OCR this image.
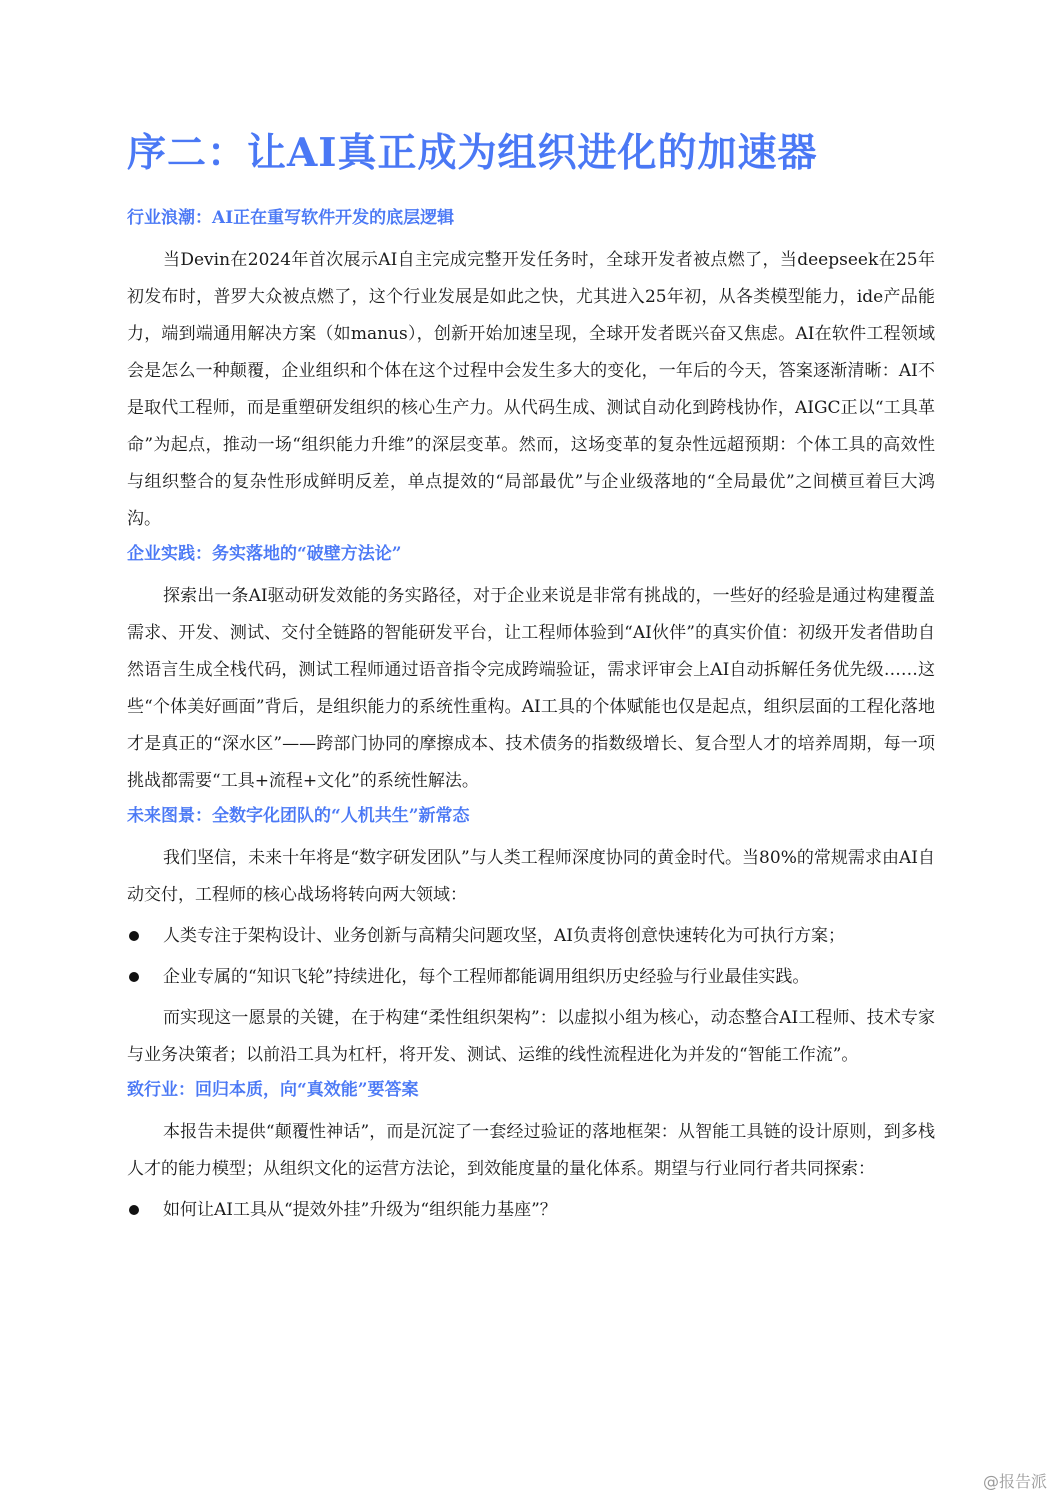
序二：让AI真正成为组织进化的加速器
行业浪潮：AI正在重写软件开发的底层逻辑

当Devin在2024年首次展示AI自主完成完整开发任务时，全球开发者被点燃了，当deepseek在25年初发布时，普罗大众被点燃了，这个行业发展是如此之快，尤其进入25年初，从各类模型能力，ide产品能力，端到端通用解决方案（如manus），创新开始加速呈现，全球开发者既兴奋又焦虑。AI在软件工程领域会是怎么一种颠覆，企业组织和个体在这个过程中会发生多大的变化，一年后的今天，答案逐渐清晰：AI不是取代工程师，而是重塑研发组织的核心生产力。从代码生成、测试自动化到跨栈协作，AIGC正以“工具革命”为起点，推动一场“组织能力升维”的深层变革。然而，这场变革的复杂性远超预期：个体工具的高效性与组织整合的复杂性形成鲜明反差，单点提效的“局部最优”与企业级落地的“全局最优”之间横亘着巨大鸿沟。

企业实践：务实落地的“破壁方法论”

探索出一条AI驱动研发效能的务实路径，对于企业来说是非常有挑战的，一些好的经验是通过构建覆盖需求、开发、测试、交付全链路的智能研发平台，让工程师体验到“AI伙伴”的真实价值：初级开发者借助自然语言生成全栈代码，测试工程师通过语音指令完成跨端验证，需求评审会上AI自动拆解任务优先级……这些“个体美好画面”背后，是组织能力的系统性重构。AI工具的个体赋能也仅是起点，组织层面的工程化落地才是真正的“深水区”——跨部门协同的摩擦成本、技术债务的指数级增长、复合型人才的培养周期，每一项挑战都需要“工具+流程+文化”的系统性解法。

未来图景：全数字化团队的“人机共生”新常态

我们坚信，未来十年将是“数字研发团队”与人类工程师深度协同的黄金时代。当80%的常规需求由AI自动交付，工程师的核心战场将转向两大领域：

人类专注于架构设计、业务创新与高精尖问题攻坚，AI负责将创意快速转化为可执行方案；
企业专属的“知识飞轮”持续进化，每个工程师都能调用组织历史经验与行业最佳实践。

而实现这一愿景的关键，在于构建“柔性组织架构”：以虚拟小组为核心，动态整合AI工程师、技术专家与业务决策者；以前沿工具为杠杆，将开发、测试、运维的线性流程进化为并发的“智能工作流”。

致行业：回归本质，向“真效能”要答案

本报告未提供“颠覆性神话”，而是沉淀了一套经过验证的落地框架：从智能工具链的设计原则，到多栈人才的能力模型；从组织文化的运营方法论，到效能度量的量化体系。期望与行业同行者共同探索：

如何让AI工具从“提效外挂”升级为“组织能力基座”？
@报告派
